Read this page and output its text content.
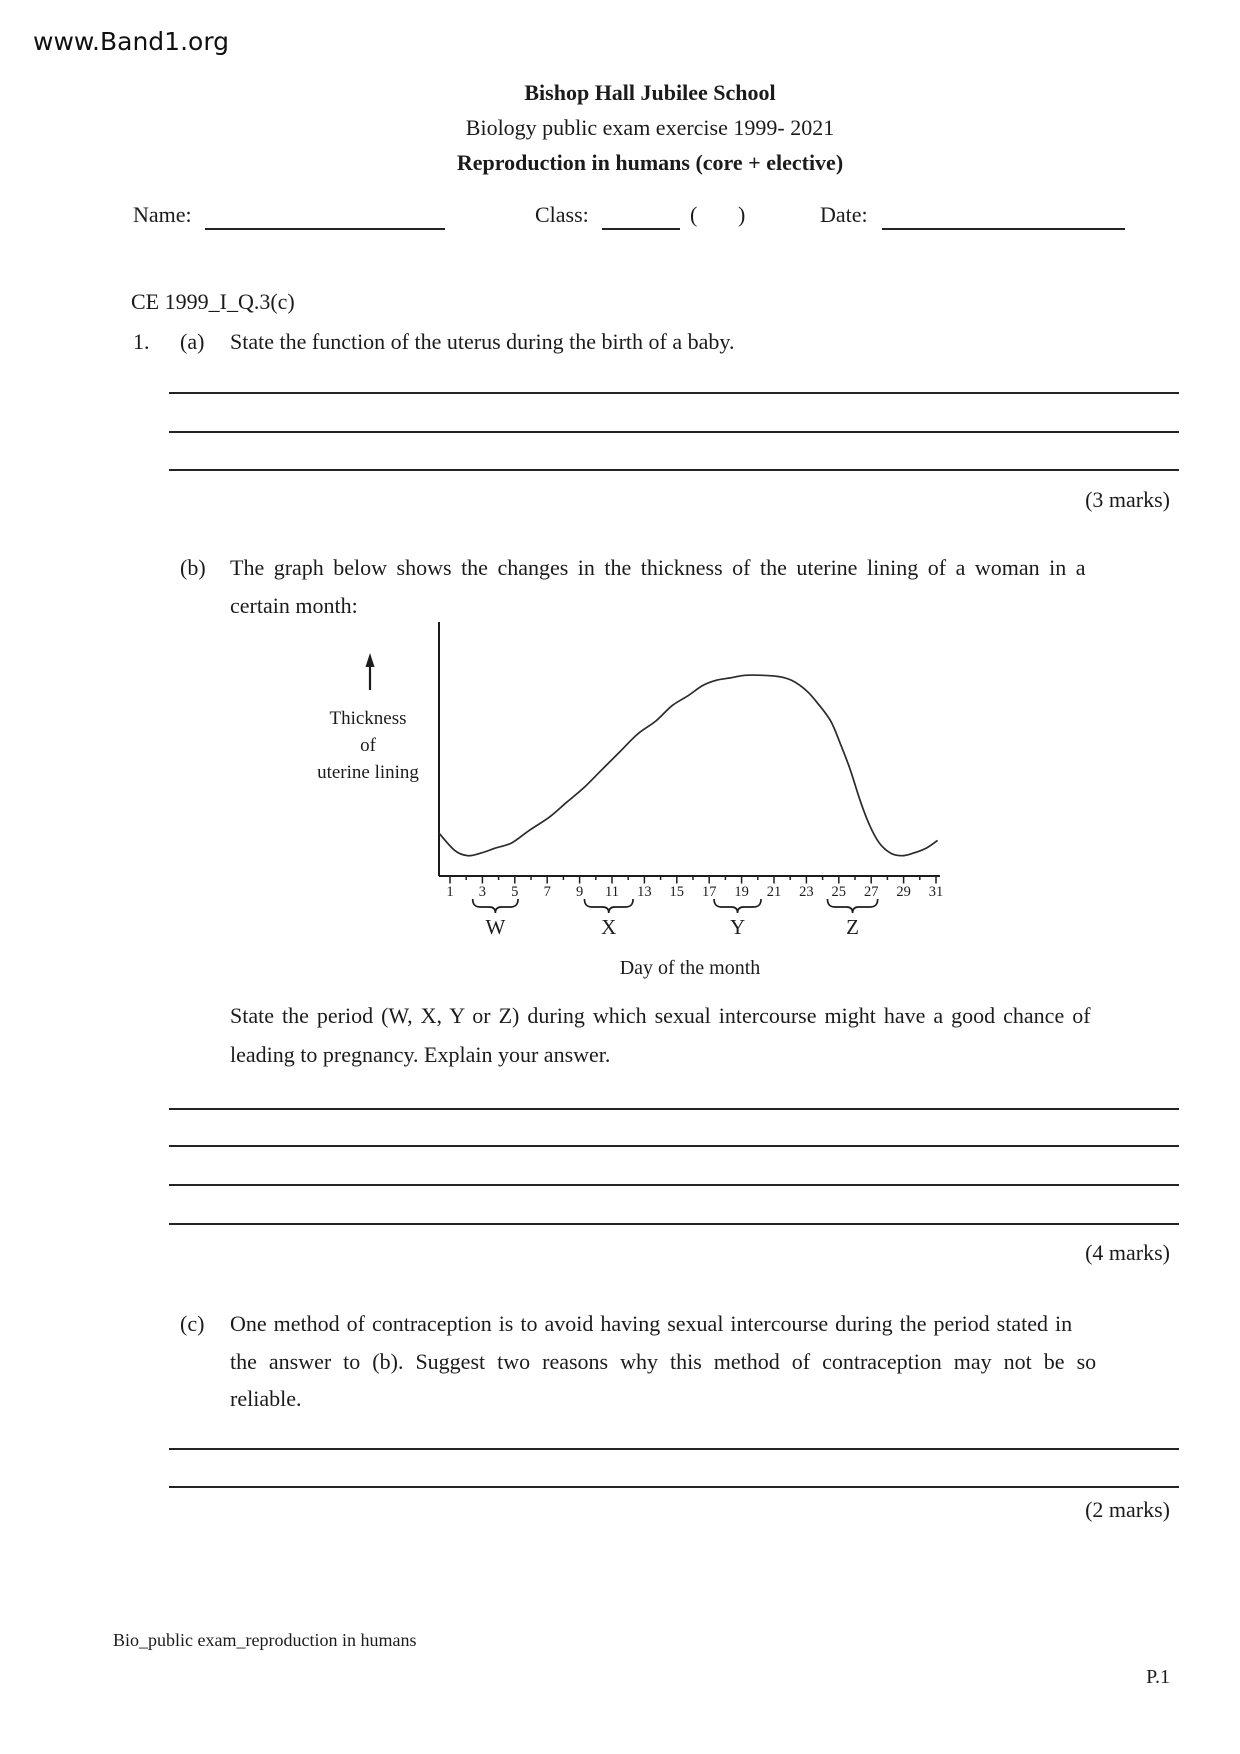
www.Band1.org
Bishop Hall Jubilee School
Biology public exam exercise 1999- 2021
Reproduction in humans (core + elective)
Name:	Class:	( )	Date:
CE 1999_I_Q.3(c)
1. (a) State the function of the uterus during the birth of a baby.
(3 marks)
(b) The graph below shows the changes in the thickness of the uterine lining of a woman in a
certain month:
Thickness
of
uterine lining
1 3 5 7 9 11 13 15 17 19 21 23 25 27 29 31
W	X	Y	Z
Day of the month
State the period (W, X, Y or Z) during which sexual intercourse might have a good chance of
leading to pregnancy. Explain your answer.
(4 marks)
(c) One method of contraception is to avoid having sexual intercourse during the period stated in
the answer to (b). Suggest two reasons why this method of contraception may not be so
reliable.
(2 marks)
Bio_public exam_reproduction in humans
P.1
